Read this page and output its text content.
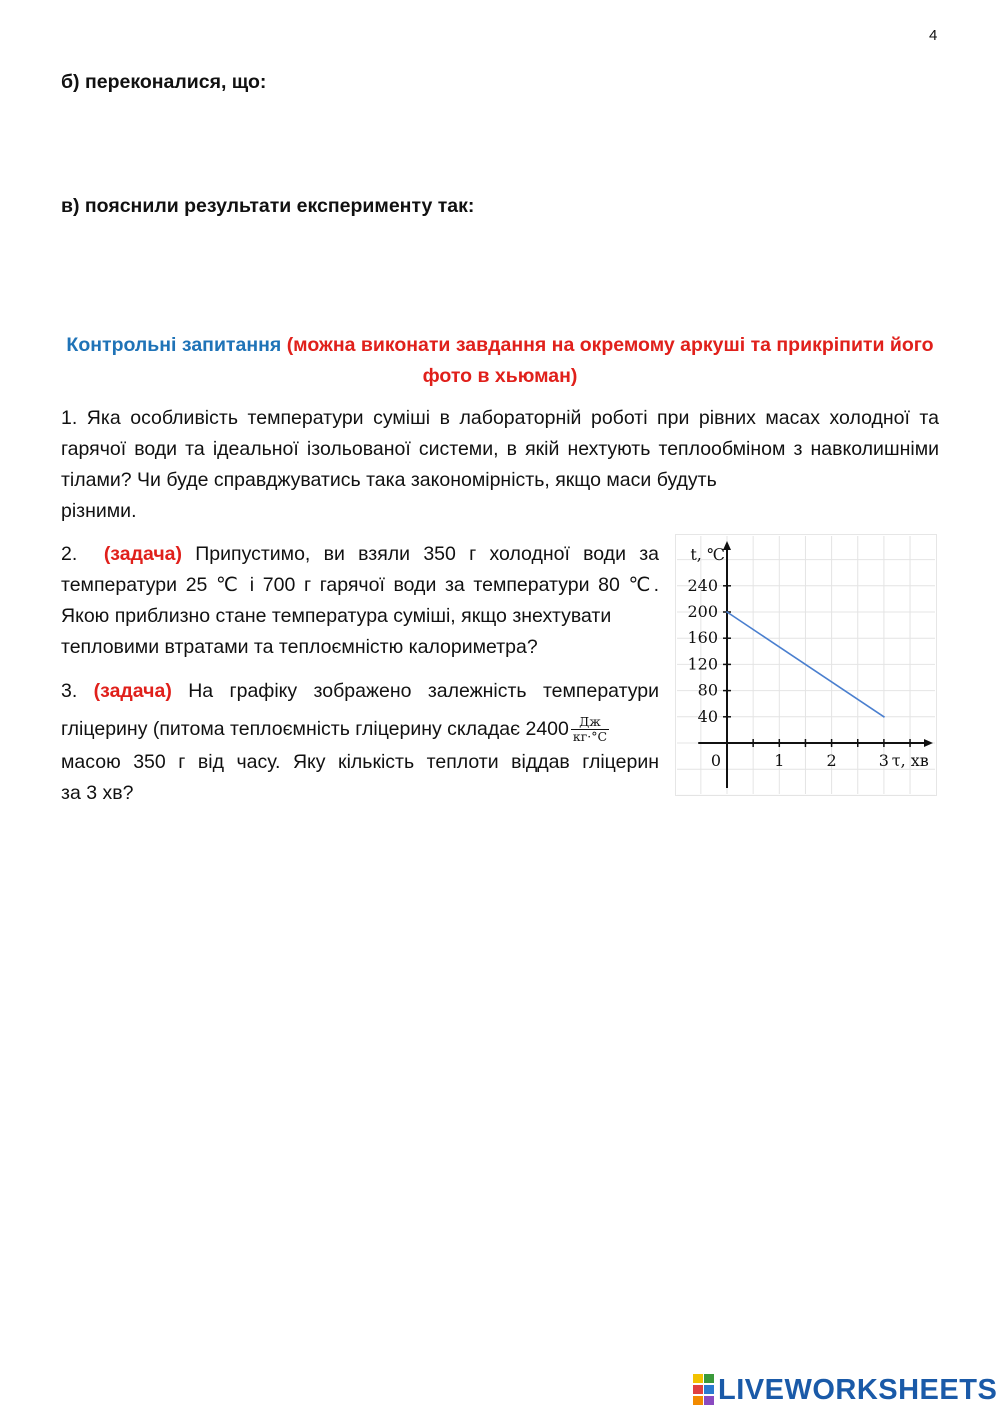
4
б) переконалися, що:
в) пояснили результати експерименту так:
Контрольні запитання (можна виконати завдання на окремому аркуші та прикріпити його фото в хьюман)
1. Яка особливість температури суміші в лабораторній роботі при рівних масах холодної та гарячої води та ідеальної ізольованої системи, в якій нехтують теплообміном з навколишніми тілами? Чи буде справджуватись така закономірність, якщо маси будуть
різними.
2. (задача) Припустимо, ви взяли 350 г холодної води за температури 25 ℃ і 700 г гарячої води за температури 80 ℃. Якою приблизно стане температура суміші, якщо знехтувати
тепловими втратами та теплоємністю калориметра?
3. (задача) На графіку зображено залежність температури
гліцерину (питома теплоємність гліцерину складає $2400 \frac{Дж}{кг\cdot^\circ С}$
масою 350 г від часу. Яку кількість теплоти віддав гліцерин
за 3 хв?
240
200
160
120
80
40
0	1	2	3
t, ℃
τ, хв
LIVEWORKSHEETS
